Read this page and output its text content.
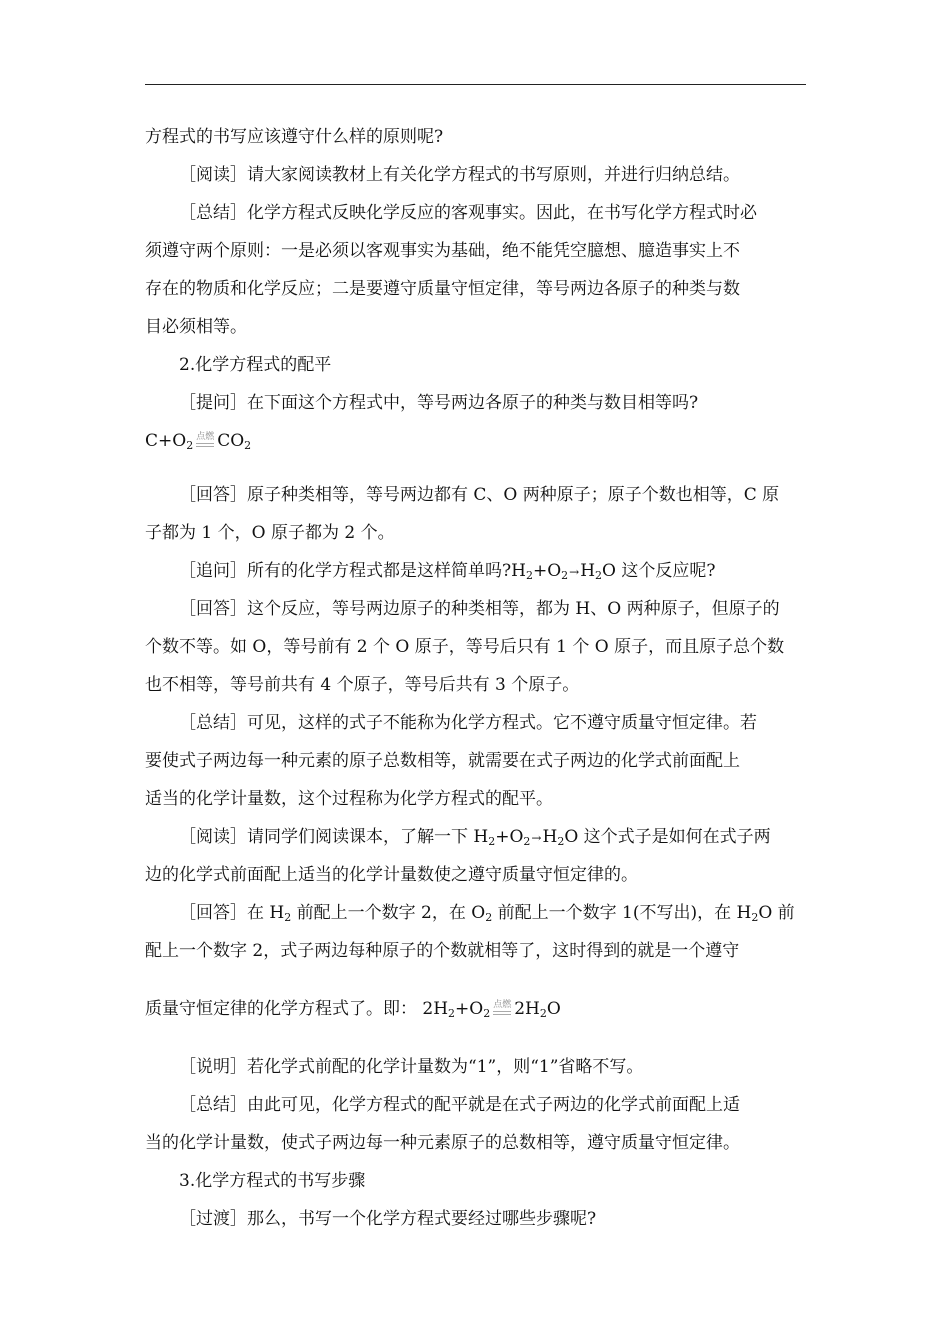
方程式的书写应该遵守什么样的原则呢?
［阅读］请大家阅读教材上有关化学方程式的书写原则，并进行归纳总结。
［总结］化学方程式反映化学反应的客观事实。因此，在书写化学方程式时必
须遵守两个原则：一是必须以客观事实为基础，绝不能凭空臆想、臆造事实上不
存在的物质和化学反应；二是要遵守质量守恒定律，等号两边各原子的种类与数
目必须相等。
2.化学方程式的配平
［提问］在下面这个方程式中，等号两边各原子的种类与数目相等吗?
$C+O_2$
点燃 $CO_2$
［回答］原子种类相等，等号两边都有 C、O 两种原子；原子个数也相等，C 原
子都为 1 个，O 原子都为 2 个。
［追问］所有的化学方程式都是这样简单吗$?H_2+O_2\to H_2O$ 这个反应呢?
［回答］这个反应，等号两边原子的种类相等，都为 H、O 两种原子，但原子的
个数不等。如 O，等号前有 2 个 O 原子，等号后只有 1 个 O 原子，而且原子总个数
也不相等，等号前共有 4 个原子，等号后共有 3 个原子。
［总结］可见，这样的式子不能称为化学方程式。它不遵守质量守恒定律。若
要使式子两边每一种元素的原子总数相等，就需要在式子两边的化学式前面配上
适当的化学计量数，这个过程称为化学方程式的配平。
［阅读］请同学们阅读课本，了解一下 $H_2+O_2\to H_2O$ 这个式子是如何在式子两
边的化学式前面配上适当的化学计量数使之遵守质量守恒定律的。
［回答］在 $H_2$ 前配上一个数字 2，在 $O_2$ 前配上一个数字 1(不写出)，在 $H_2O$ 前
配上一个数字 2，式子两边每种原子的个数就相等了，这时得到的就是一个遵守
质量守恒定律的化学方程式了。即： $2H_2+O_2$
点燃 $2H_2O$
［说明］若化学式前配的化学计量数为“1”，则“1”省略不写。
［总结］由此可见，化学方程式的配平就是在式子两边的化学式前面配上适
当的化学计量数，使式子两边每一种元素原子的总数相等，遵守质量守恒定律。
3.化学方程式的书写步骤
［过渡］那么，书写一个化学方程式要经过哪些步骤呢?
